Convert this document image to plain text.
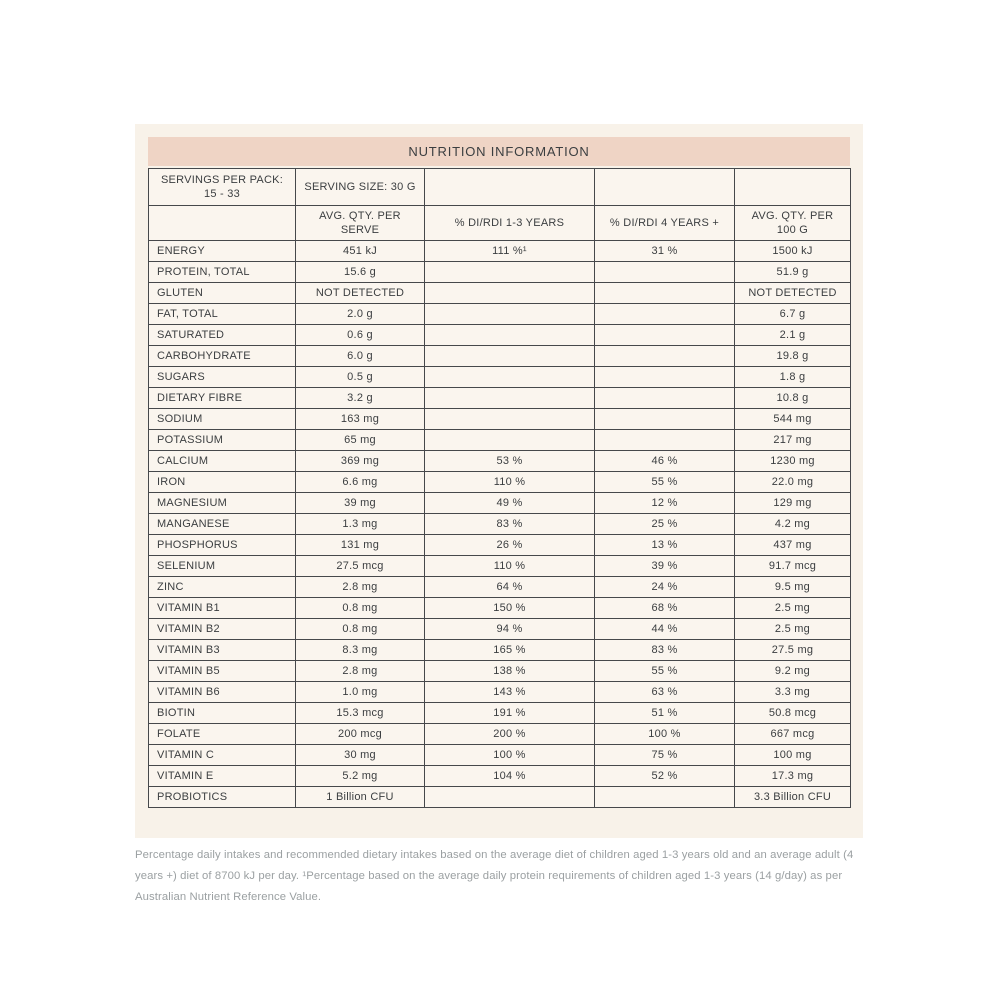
NUTRITION INFORMATION
SERVINGS PER PACK: 15 - 33	SERVING SIZE: 30 G			
	AVG. QTY. PER SERVE	% DI/RDI 1-3 YEARS	% DI/RDI 4 YEARS +	AVG. QTY. PER 100 G
ENERGY	451 kJ	111 %¹	31 %	1500 kJ
PROTEIN, TOTAL	15.6 g			51.9 g
GLUTEN	NOT DETECTED			NOT DETECTED
FAT, TOTAL	2.0 g			6.7 g
SATURATED	0.6 g			2.1 g
CARBOHYDRATE	6.0 g			19.8 g
SUGARS	0.5 g			1.8 g
DIETARY FIBRE	3.2 g			10.8 g
SODIUM	163 mg			544 mg
POTASSIUM	65 mg			217 mg
CALCIUM	369 mg	53 %	46 %	1230 mg
IRON	6.6 mg	110 %	55 %	22.0 mg
MAGNESIUM	39 mg	49 %	12 %	129 mg
MANGANESE	1.3 mg	83 %	25 %	4.2 mg
PHOSPHORUS	131 mg	26 %	13 %	437 mg
SELENIUM	27.5 mcg	110 %	39 %	91.7 mcg
ZINC	2.8 mg	64 %	24 %	9.5 mg
VITAMIN B1	0.8 mg	150 %	68 %	2.5 mg
VITAMIN B2	0.8 mg	94 %	44 %	2.5 mg
VITAMIN B3	8.3 mg	165 %	83 %	27.5 mg
VITAMIN B5	2.8 mg	138 %	55 %	9.2 mg
VITAMIN B6	1.0 mg	143 %	63 %	3.3 mg
BIOTIN	15.3 mcg	191 %	51 %	50.8 mcg
FOLATE	200 mcg	200 %	100 %	667 mcg
VITAMIN C	30 mg	100 %	75 %	100 mg
VITAMIN E	5.2 mg	104 %	52 %	17.3 mg
PROBIOTICS	1 Billion CFU			3.3 Billion CFU

Percentage daily intakes and recommended dietary intakes based on the average diet of children aged 1-3 years old and an average adult (4 years +) diet of 8700 kJ per day. ¹Percentage based on the average daily protein requirements of children aged 1-3 years (14 g/day) as per Australian Nutrient Reference Value.
